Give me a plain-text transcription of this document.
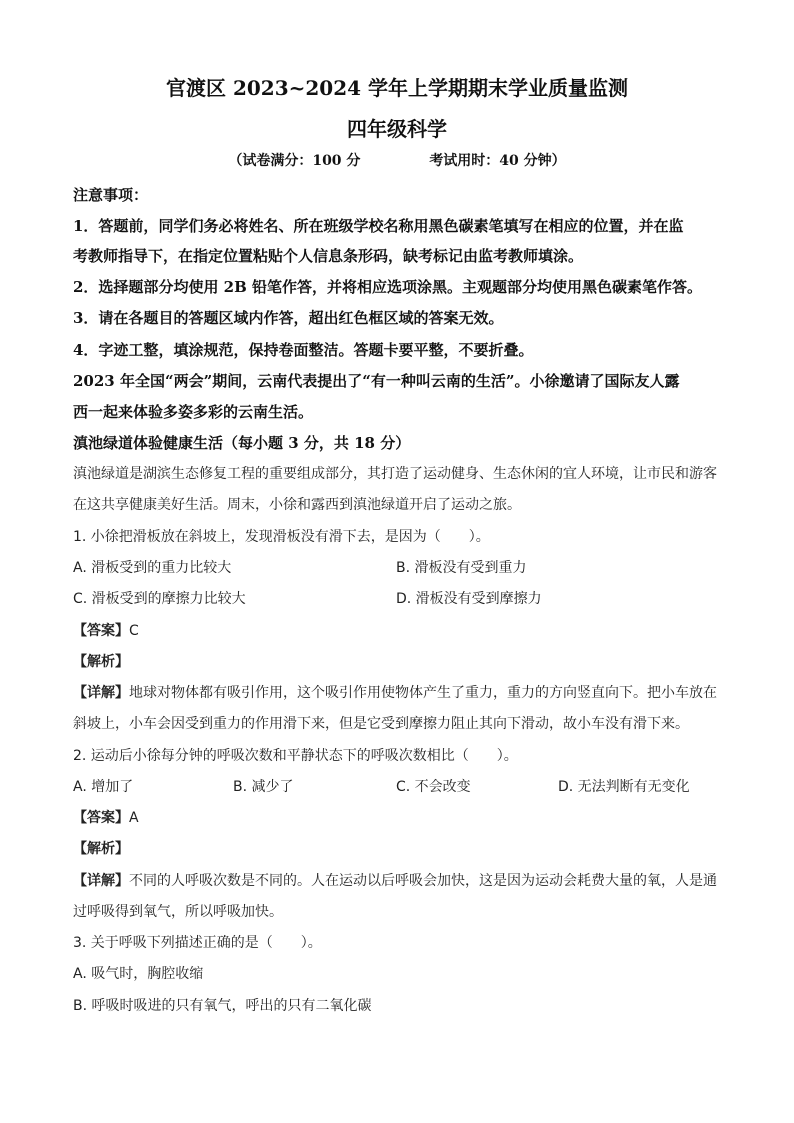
官渡区 2023~2024 学年上学期期末学业质量监测
四年级科学
（试卷满分：100 分	考试用时：40 分钟）
注意事项：
1．答题前，同学们务必将姓名、所在班级学校名称用黑色碳素笔填写在相应的位置，并在监
考教师指导下，在指定位置粘贴个人信息条形码，缺考标记由监考教师填涂。
2．选择题部分均使用 2B 铅笔作答，并将相应选项涂黑。主观题部分均使用黑色碳素笔作答。
3．请在各题目的答题区域内作答，超出红色框区域的答案无效。
4．字迹工整，填涂规范，保持卷面整洁。答题卡要平整，不要折叠。
2023 年全国“两会”期间，云南代表提出了“有一种叫云南的生活”。小徐邀请了国际友人露
西一起来体验多姿多彩的云南生活。
滇池绿道体验健康生活（每小题 3 分，共 18 分）
滇池绿道是湖滨生态修复工程的重要组成部分，其打造了运动健身、生态休闲的宜人环境，让市民和游客
在这共享健康美好生活。周末，小徐和露西到滇池绿道开启了运动之旅。
1. 小徐把滑板放在斜坡上，发现滑板没有滑下去，是因为（　　）。
A. 滑板受到的重力比较大	B. 滑板没有受到重力
C. 滑板受到的摩擦力比较大	D. 滑板没有受到摩擦力
【答案】C
【解析】
【详解】地球对物体都有吸引作用，这个吸引作用使物体产生了重力，重力的方向竖直向下。把小车放在
斜坡上，小车会因受到重力的作用滑下来，但是它受到摩擦力阻止其向下滑动，故小车没有滑下来。
2. 运动后小徐每分钟的呼吸次数和平静状态下的呼吸次数相比（　　）。
A. 增加了	B. 减少了	C. 不会改变	D. 无法判断有无变化
【答案】A
【解析】
【详解】不同的人呼吸次数是不同的。人在运动以后呼吸会加快，这是因为运动会耗费大量的氧，人是通
过呼吸得到氧气，所以呼吸加快。
3. 关于呼吸下列描述正确的是（　　）。
A. 吸气时，胸腔收缩
B. 呼吸时吸进的只有氧气，呼出的只有二氧化碳
